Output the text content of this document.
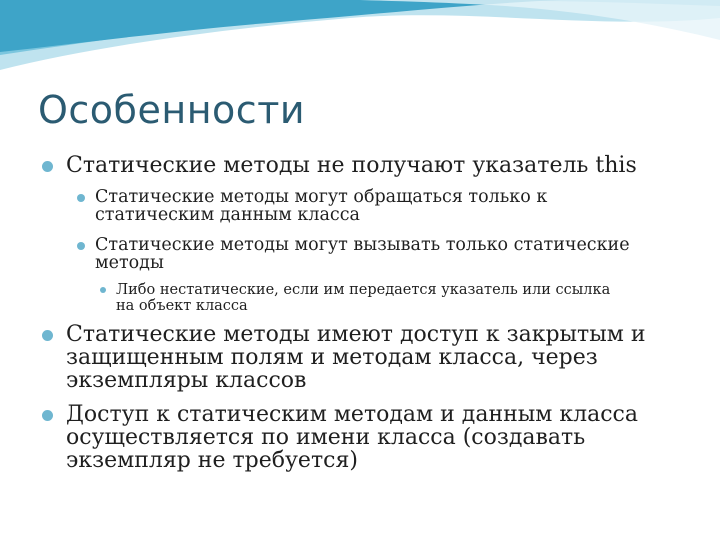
Особенности
Статические методы не получают указатель this
Статические методы могут обращаться только к
статическим данным класса
Статические методы могут вызывать только статические
методы
Либо нестатические, если им передается указатель или ссылка
на объект класса
Статические методы имеют доступ к закрытым и
защищенным полям и методам класса, через
экземпляры классов
Доступ к статическим методам и данным класса
осуществляется по имени класса (создавать
экземпляр не требуется)
